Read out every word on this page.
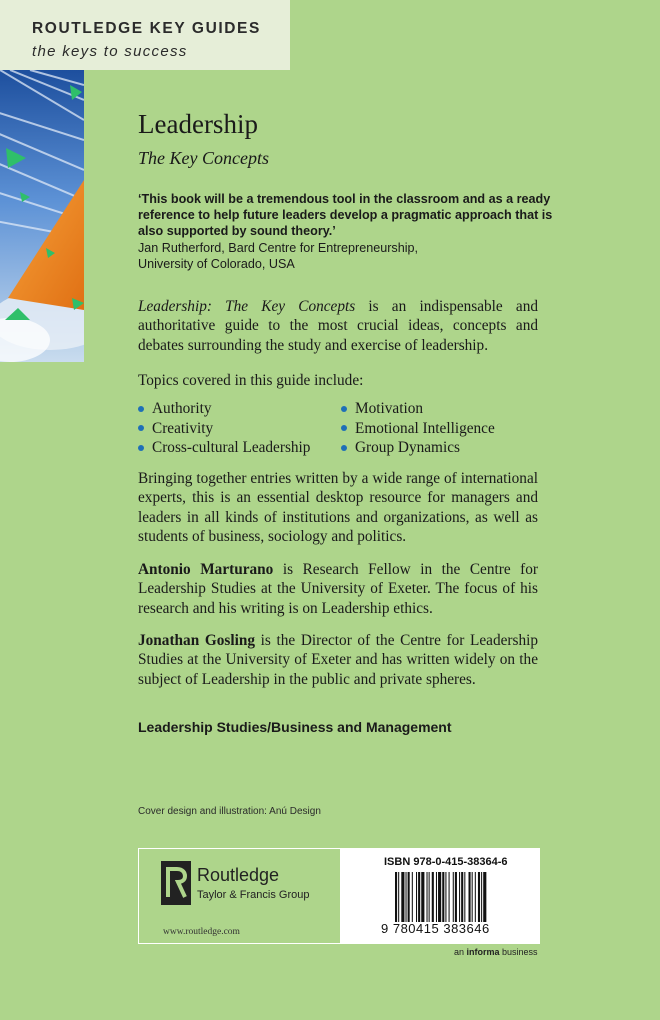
ROUTLEDGE KEY GUIDES
the keys to success
Leadership
The Key Concepts
‘This book will be a tremendous tool in the classroom and as a ready reference to help future leaders develop a pragmatic approach that is also supported by sound theory.’
Jan Rutherford, Bard Centre for Entrepreneurship,
University of Colorado, USA
Leadership: The Key Concepts is an indispensable and authoritative guide to the most crucial ideas, concepts and debates surrounding the study and exercise of leadership.
Topics covered in this guide include:
Authority
Creativity
Cross-cultural Leadership
Motivation
Emotional Intelligence
Group Dynamics
Bringing together entries written by a wide range of international experts, this is an essential desktop resource for managers and leaders in all kinds of institutions and organizations, as well as students of business, sociology and politics.
Antonio Marturano is Research Fellow in the Centre for Leadership Studies at the University of Exeter. The focus of his research and his writing is on Leadership ethics.
Jonathan Gosling is the Director of the Centre for Leadership Studies at the University of Exeter and has written widely on the subject of Leadership in the public and private spheres.
Leadership Studies/Business and Management
Cover design and illustration: Anú Design
Routledge
Taylor & Francis Group
www.routledge.com
ISBN 978-0-415-38364-6
9 780415 383646
an informa business
